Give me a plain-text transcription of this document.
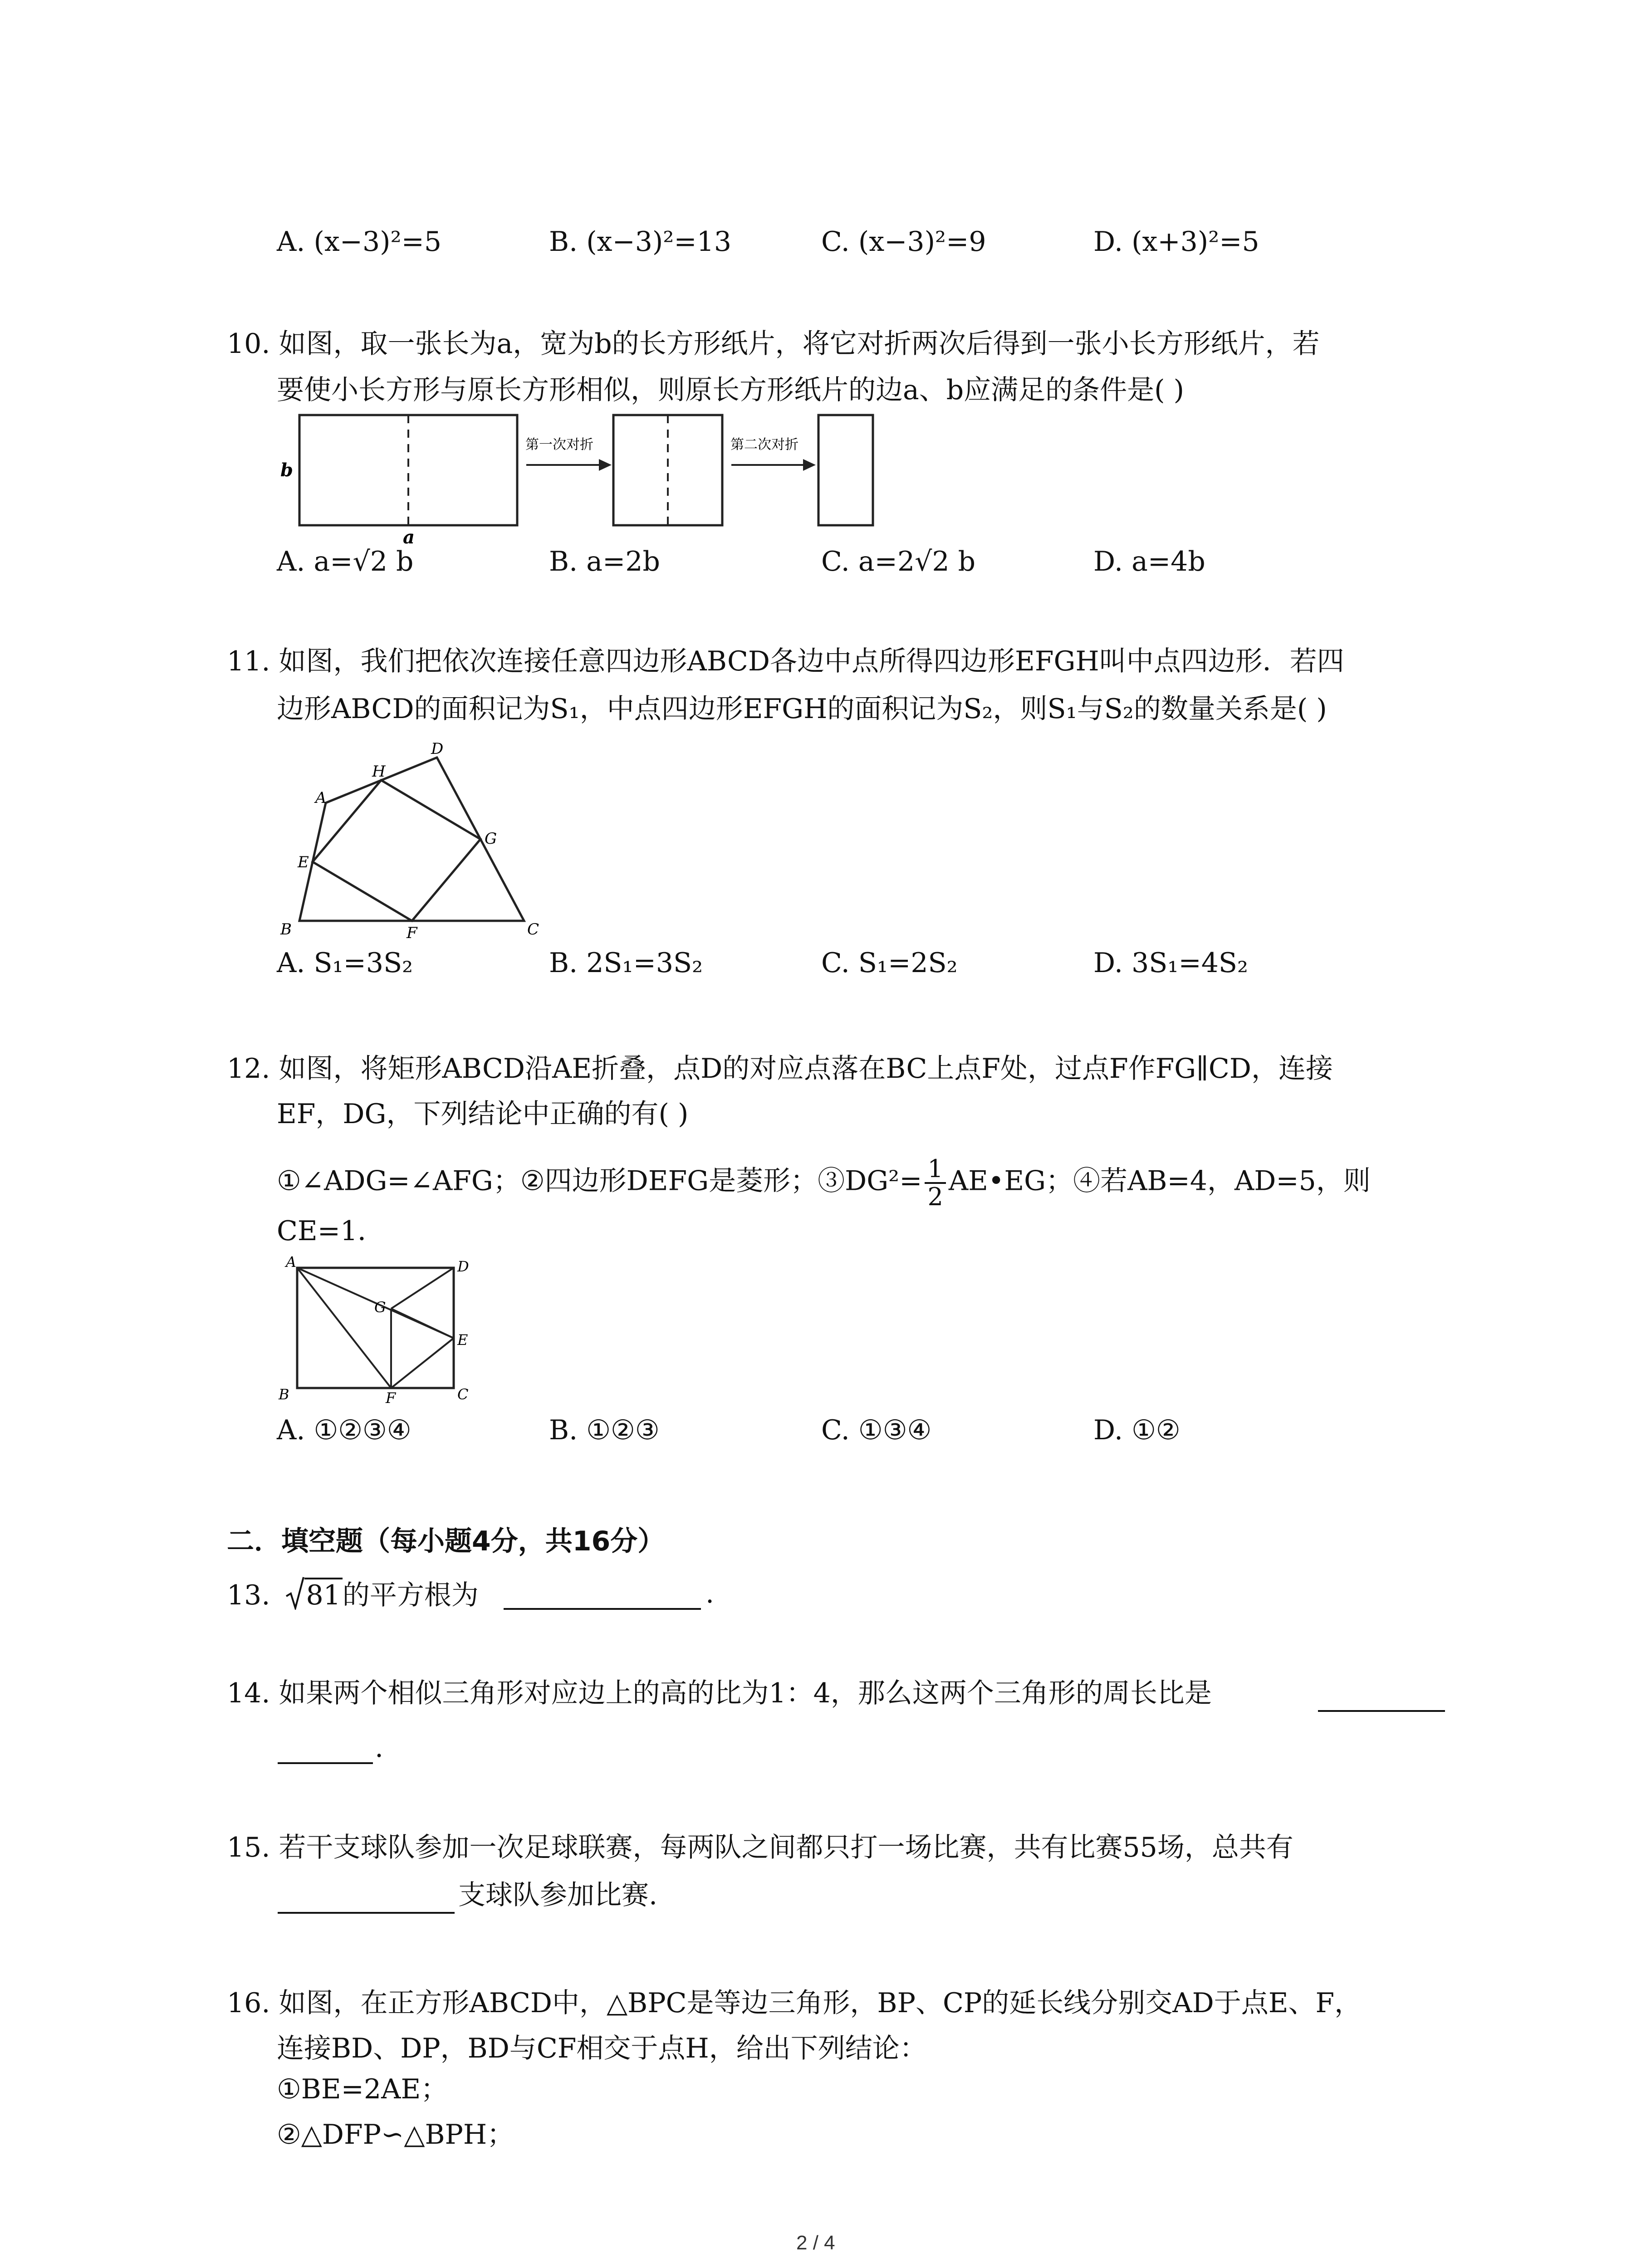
A. (x−3)²=5	B. (x−3)²=13	C. (x−3)²=9	D. (x+3)²=5
10. 如图，取一张长为a，宽为b的长方形纸片，将它对折两次后得到一张小长方形纸片，若
要使小长方形与原长方形相似，则原长方形纸片的边a、b应满足的条件是( )
b
a
第一次对折	第二次对折
A. a=√2 b	B. a=2b	C. a=2√2 b	D. a=4b
11. 如图，我们把依次连接任意四边形ABCD各边中点所得四边形EFGH叫中点四边形．若四
边形ABCD的面积记为S₁，中点四边形EFGH的面积记为S₂，则S₁与S₂的数量关系是( )
A
H
D
E
G
B	F	C
A. S₁=3S₂	B. 2S₁=3S₂	C. S₁=2S₂	D. 3S₁=4S₂
12. 如图，将矩形ABCD沿AE折叠，点D的对应点落在BC上点F处，过点F作FG∥CD，连接
EF，DG，下列结论中正确的有( )
①∠ADG=∠AFG；②四边形DEFG是菱形；③DG²= $\frac{1}{2}$ AE•EG；④若AB=4，AD=5，则
CE=1．
A	D
G
E
B	F	C
A. ①②③④	B. ①②③	C. ①③④	D. ①②
二．填空题（每小题4分，共16分）
13. 81的平方根为	.
14. 如果两个相似三角形对应边上的高的比为1：4，那么这两个三角形的周长比是
.
15. 若干支球队参加一次足球联赛，每两队之间都只打一场比赛，共有比赛55场，总共有
支球队参加比赛.
16. 如图，在正方形ABCD中，△BPC是等边三角形，BP、CP的延长线分别交AD于点E、F，
连接BD、DP，BD与CF相交于点H，给出下列结论：
①BE=2AE；
②△DFP∽△BPH；
2 / 4
